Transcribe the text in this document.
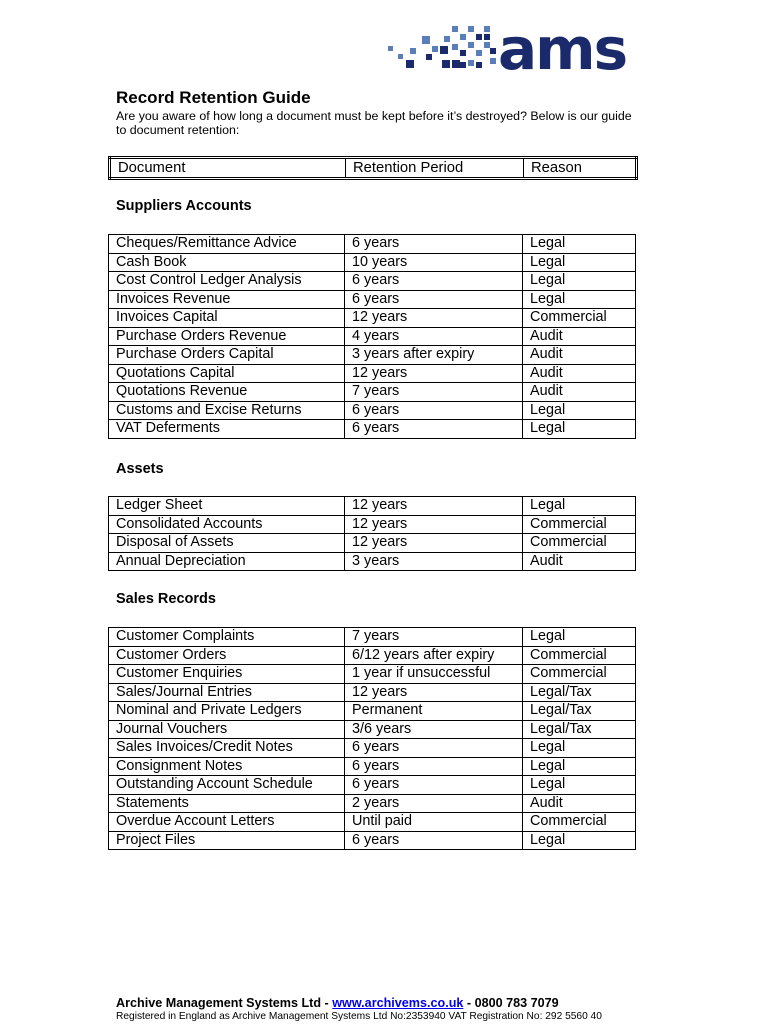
ams
Record Retention Guide
Are you aware of how long a document must be kept before it’s destroyed? Below is our guide to document retention:
Document	Retention Period	Reason
Suppliers Accounts
Cheques/Remittance Advice	6 years	Legal
Cash Book	10 years	Legal
Cost Control Ledger Analysis	6 years	Legal
Invoices Revenue	6 years	Legal
Invoices Capital	12 years	Commercial
Purchase Orders Revenue	4 years	Audit
Purchase Orders Capital	3 years after expiry	Audit
Quotations Capital	12 years	Audit
Quotations Revenue	7 years	Audit
Customs and Excise Returns	6 years	Legal
VAT Deferments	6 years	Legal
Assets
Ledger Sheet	12 years	Legal
Consolidated Accounts	12 years	Commercial
Disposal of Assets	12 years	Commercial
Annual Depreciation	3 years	Audit
Sales Records
Customer Complaints	7 years	Legal
Customer Orders	6/12 years after expiry	Commercial
Customer Enquiries	1 year if unsuccessful	Commercial
Sales/Journal Entries	12 years	Legal/Tax
Nominal and Private Ledgers	Permanent	Legal/Tax
Journal Vouchers	3/6 years	Legal/Tax
Sales Invoices/Credit Notes	6 years	Legal
Consignment Notes	6 years	Legal
Outstanding Account Schedule	6 years	Legal
Statements	2 years	Audit
Overdue Account Letters	Until paid	Commercial
Project Files	6 years	Legal
Archive Management Systems Ltd - www.archivems.co.uk - 0800 783 7079
Registered in England as Archive Management Systems Ltd No:2353940 VAT Registration No: 292 5560 40
